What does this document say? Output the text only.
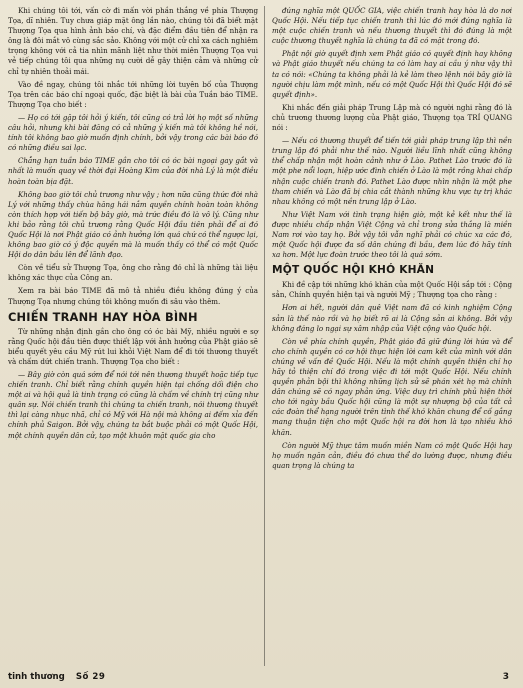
Khi chúng tôi tới, vấn cờ đi mấn vời phần thắng về phía Thượng Tọa, dĩ nhiên. Tuy chưa giáp mặt ông lần nào, chúng tôi đã biết mặt Thượng Tọa qua hình ảnh báo chí, và đặc điểm đầu tiên để nhận ra ông là đôi mắt vô cùng sắc sảo. Không với một cử chỉ xa cách nghiêm trọng không với cả tia nhìn mãnh liệt như thời miên Thượng Tọa vui vẻ tiếp chúng tôi qua những nụ cười dễ gây thiện cảm và những cử chỉ tự nhiên thoải mái.

Vào đề ngay, chúng tôi nhắc tới những lời tuyên bố của Thượng Tọa trên các báo chí ngoại quốc, đặc biệt là bài của Tuần báo TIME. Thượng Tọa cho biết :

— Họ có tới gặp tôi hỏi ý kiến, tôi cũng có trả lời họ một số những câu hỏi, nhưng khi bài đăng có cả những ý kiến mà tôi không hề nói, tính tôi không bao giờ muốn định chính, bởi vậy trong các bài báo đó có những điều sai lạc.

Chẳng hạn tuần báo TIME gần cho tôi có óc bài ngoại gay gắt và nhất là muốn quay về thời đại Hoàng Kim của đời nhà Lý là một điều hoàn toàn bịa đặt.

Không bao giờ tôi chủ trương như vậy ; hơn nữa cũng thức đời nhà Lý với những thấy chùa hăng hái nắm quyền chính hoàn toàn không còn thích hợp với tiến bộ bây giờ, mà trức điều đó là vô lý. Cũng như khi bảo rằng tôi chủ trương rằng Quốc Hội đầu tiên phải để ai đó Quốc Hội là nơi Phật giáo có ảnh hưởng lớn quá chứ có thể ngược lại, không bao giờ có ý độc quyền mà là muốn thấy có thể có một Quốc Hội do dân bầu lên để lãnh đạo.

Còn về tiểu sử Thượng Tọa, ông cho rằng đó chỉ là những tài liệu không xác thực của Công an.

Xem ra bài báo TIME đã mô tả nhiều điều không đúng ý của Thượng Tọa nhưng chúng tôi không muốn đi sâu vào thêm.

CHIẾN TRANH HAY HÒA BÌNH

Từ những nhận định gần cho ông có óc bài Mỹ, nhiều người e sợ rằng Quốc hội đầu tiên được thiết lập với ảnh hưởng của Phật giáo sẽ biểu quyết yêu cầu Mỹ rút lui khỏi Việt Nam để đi tới thương thuyết và chấm dứt chiến tranh. Thượng Tọa cho biết :

— Bây giờ còn quá sớm để nói tới nên thương thuyết hoặc tiếp tục chiến tranh. Chỉ biết rằng chính quyền hiện tại chống dối điện cho một ai và hội quả là tinh trạng có cũng là chấm về chính trị cũng như quân sự. Nói chiến tranh thì chúng ta chiến tranh, nói thương thuyết thì lại càng nhục nhã, chỉ có Mỹ với Hà nội mà không ai đếm xỉa đến chính phủ Saigon. Bởi vậy, chúng ta bắt buộc phải có một Quốc Hội, một chính quyền dân cử, tạo một khuôn mặt quốc gia cho

đúng nghĩa một QUỐC GIA, việc chiến tranh hay hòa là do nơi Quốc Hội. Nếu tiếp tục chiến tranh thì lúc đó mới đúng nghĩa là một cuộc chiến tranh và nếu thương thuyết thì đó đúng là một cuộc thương thuyết nghĩa là chúng ta đã có mặt trong đó.

Phật nội giờ quyết định xem Phật giáo có quyết định hay không và Phật giáo thuyết nếu chúng ta có làm hay ai cầu ý như vậy thì ta có nói: «Chúng ta không phải là kẻ làm theo lệnh nói bây giờ là người chịu làm một mình, nếu có một Quốc Hội thì Quốc Hội đó sẽ quyết định».

Khi nhắc đến giải pháp Trung Lập mà có người nghi rằng đó là chủ trương thương lượng của Phật giáo, Thượng tọa TRÍ QUANG nói :

— Nếu có thương thuyết để tiến tới giải pháp trung lập thì nền trung lập đó phải như thế nào. Người liều lĩnh nhất cũng không thể chấp nhận một hoàn cảnh như ở Lào. Pathet Lào trước đó là một phe nổi loạn, hiệp ước đình chiến ở Lào là một rồng khai chấp nhận cuộc chiến tranh đó. Pathet Lào được nhìn nhận là một phe tham chiến và Lào đã bị chia cắt thành những khu vực tự trị khác nhau không có một nền trung lập ở Lào.

Như Việt Nam với tình trạng hiện giờ, một kẻ kết như thế là được nhiều chấp nhận Việt Cộng và chỉ trong sửa thắng là miền Nam rơi vào tay họ. Bởi vậy tôi vẫn nghĩ phải có chúc xa các đó, một Quốc hội được đa số dân chúng đi bầu, đem lúc đó hãy tính xa hơn. Một lực đoàn trước theo tôi là quá sớm.

MỘT QUỐC HỘI KHÓ KHĂN

Khi đề cập tới những khó khăn của một Quốc Hội sắp tới : Cộng sản, Chính quyền hiện tại và người Mỹ ; Thượng tọa cho rằng :

Hơn ai hết, người dân quê Việt nam đã có kinh nghiệm Cộng sản là thế nào rồi và họ biết rõ ai là Cộng sản ai không. Bởi vậy không đáng lo ngại sự xâm nhập của Việt cộng vào Quốc hội.

Còn về phía chính quyền, Phật giáo đã giữ đúng lời hứa và để cho chính quyền có cơ hội thực hiện lời cam kết của mình với dân chúng về vấn đề Quốc Hội. Nếu là một chính quyền thiện chí họ hãy tỏ thiện chí đó trong việc đi tới một Quốc Hội. Nếu chính quyền phản bội thì không những lịch sử sẽ phán xét họ mà chính dân chúng sẽ có ngay phản ứng. Việc duy trì chính phủ hiện thời cho tới ngày bầu Quốc hội cũng là một sự nhượng bộ của tất cả các đoàn thể hạng người trên tình thế khó khăn chung để cố gắng mang thuận tiện cho một Quốc hội ra đời hơn là tạo nhiều khó khăn.

Còn người Mỹ thực tâm muốn miền Nam có một Quốc Hội hay họ muốn ngăn cản, điều đó chưa thể do lường được, nhưng điều quan trọng là chúng ta

tinh thương Số 29	3
